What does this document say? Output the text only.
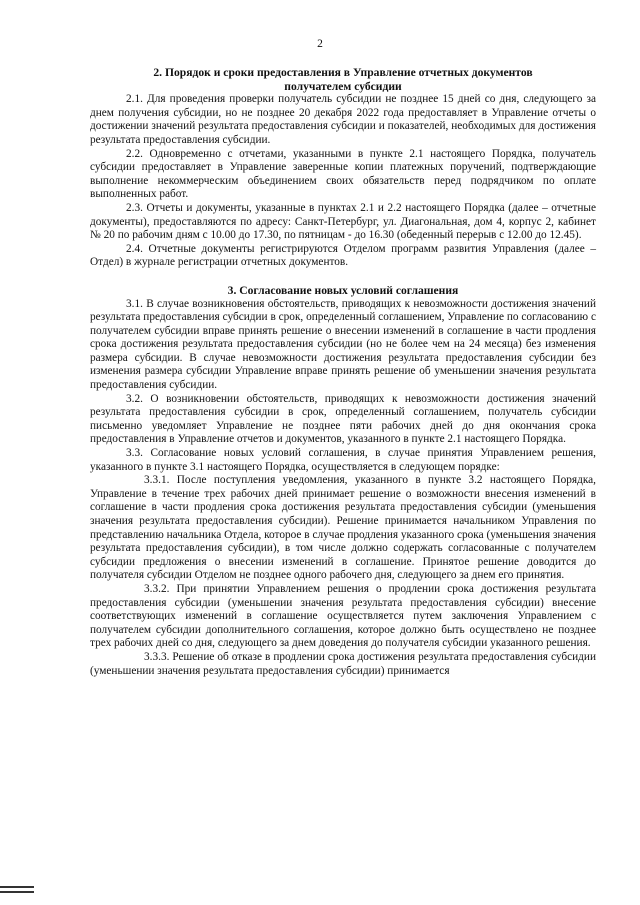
2

2. Порядок и сроки предоставления в Управление отчетных документов

получателем субсидии

2.1. Для проведения проверки получатель субсидии не позднее 15 дней со дня, следующего за днем получения субсидии, но не позднее 20 декабря 2022 года предоставляет в Управление отчеты о достижении значений результата предоставления субсидии и показателей, необходимых для достижения результата предоставления субсидии.

2.2. Одновременно с отчетами, указанными в пункте 2.1 настоящего Порядка, получатель субсидии предоставляет в Управление заверенные копии платежных поручений, подтверждающие выполнение некоммерческим объединением своих обязательств перед подрядчиком по оплате выполненных работ.

2.3. Отчеты и документы, указанные в пунктах 2.1 и 2.2 настоящего Порядка (далее – отчетные документы), предоставляются по адресу: Санкт-Петербург, ул. Диагональная, дом 4, корпус 2, кабинет № 20 по рабочим дням с 10.00 до 17.30, по пятницам - до 16.30 (обеденный перерыв с 12.00 до 12.45).

2.4. Отчетные документы регистрируются Отделом программ развития Управления (далее – Отдел) в журнале регистрации отчетных документов.

3. Согласование новых условий соглашения

3.1. В случае возникновения обстоятельств, приводящих к невозможности достижения значений результата предоставления субсидии в срок, определенный соглашением, Управление по согласованию с получателем субсидии вправе принять решение о внесении изменений в соглашение в части продления срока достижения результата предоставления субсидии (но не более чем на 24 месяца) без изменения размера субсидии. В случае невозможности достижения результата предоставления субсидии без изменения размера субсидии Управление вправе принять решение об уменьшении значения результата предоставления субсидии.

3.2. О возникновении обстоятельств, приводящих к невозможности достижения значений результата предоставления субсидии в срок, определенный соглашением, получатель субсидии письменно уведомляет Управление не позднее пяти рабочих дней до дня окончания срока предоставления в Управление отчетов и документов, указанного в пункте 2.1 настоящего Порядка.

3.3. Согласование новых условий соглашения, в случае принятия Управлением решения, указанного в пункте 3.1 настоящего Порядка, осуществляется в следующем порядке:

3.3.1. После поступления уведомления, указанного в пункте 3.2 настоящего Порядка, Управление в течение трех рабочих дней принимает решение о возможности внесения изменений в соглашение в части продления срока достижения результата предоставления субсидии (уменьшения значения результата предоставления субсидии). Решение принимается начальником Управления по представлению начальника Отдела, которое в случае продления указанного срока (уменьшения значения результата предоставления субсидии), в том числе должно содержать согласованные с получателем субсидии предложения о внесении изменений в соглашение. Принятое решение доводится до получателя субсидии Отделом не позднее одного рабочего дня, следующего за днем его принятия.

3.3.2. При принятии Управлением решения о продлении срока достижения результата предоставления субсидии (уменьшении значения результата предоставления субсидии) внесение соответствующих изменений в соглашение осуществляется путем заключения Управлением с получателем субсидии дополнительного соглашения, которое должно быть осуществлено не позднее трех рабочих дней со дня, следующего за днем доведения до получателя субсидии указанного решения.

3.3.3. Решение об отказе в продлении срока достижения результата предоставления субсидии (уменьшении значения результата предоставления субсидии) принимается
